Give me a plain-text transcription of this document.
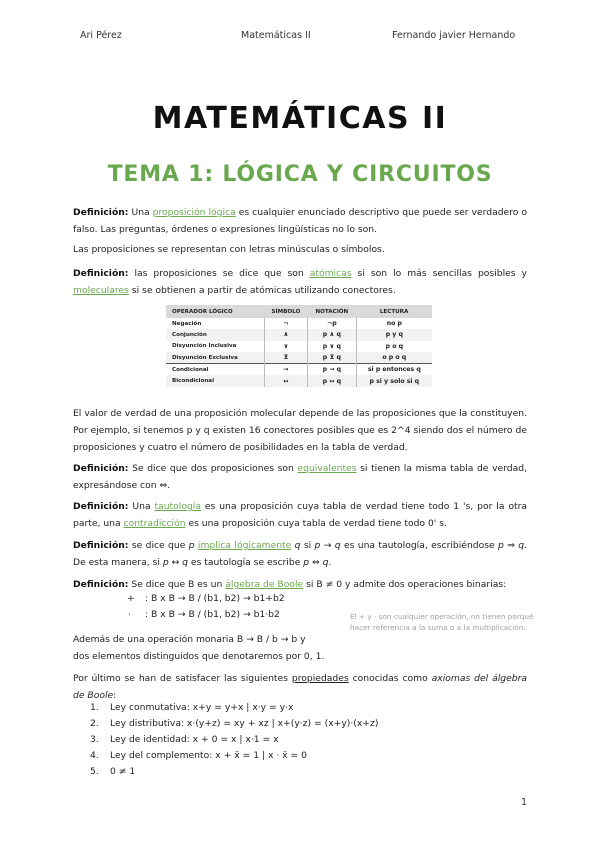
Ari Pérez	Matemáticas II	Fernando javier Hernando
MATEMÁTICAS II
TEMA 1: LÓGICA Y CIRCUITOS
Definición: Una proposición lógica es cualquier enunciado descriptivo que puede ser verdadero o falso. Las preguntas, órdenes o expresiones lingüísticas no lo son.
Las proposiciones se representan con letras minúsculas o símbolos.
Definición: las proposiciones se dice que son atómicas si son lo más sencillas posibles y moleculares si se obtienen a partir de atómicas utilizando conectores.
OPERADOR LÓGICO	SÍMBOLO	NOTACIÓN	LECTURA
Negación	¬	¬p	no p
Conjunción	∧	p ∧ q	p y q
Disyunción Inclusiva	∨	p ∨ q	p o q
Disyunción Exclusiva	⊻	p ⊻ q	o p o q
Condicional	→	p → q	si p entonces q
Bicondicional	↔	p ↔ q	p si y solo si q
El valor de verdad de una proposición molecular depende de las proposiciones que la constituyen. Por ejemplo, si tenemos p y q existen 16 conectores posibles que es 2^4 siendo dos el número de proposiciones y cuatro el número de posibilidades en la tabla de verdad.
Definición: Se dice que dos proposiciones son equivalentes si tienen la misma tabla de verdad, expresándose con ⇔.
Definición: Una tautología es una proposición cuya tabla de verdad tiene todo 1 's, por la otra parte, una contradicción es una proposición cuya tabla de verdad tiene todo 0' s.
Definición: se dice que p implica lógicamente q si p → q es una tautología, escribiéndose p ⇒ q. De esta manera, si p ↔ q es tautología se escribe p ⇔ q.
Definición: Se dice que B es un álgebra de Boole si B ≠ 0 y admite dos operaciones binarias:
+ : B x B → B / (b1, b2) → b1+b2
· : B x B → B / (b1, b2) → b1·b2	El + y · son cualquier operación, no tienen porqué hacer referencia a la suma o a la multiplicación.
Además de una operación monaria B → B / b → b y
dos elementos distinguidos que denotaremos por 0, 1.
Por último se han de satisfacer las siguientes propiedades conocidas como axiomas del álgebra de Boole:
1. Ley conmutativa: x+y = y+x | x·y = y·x
2. Ley distributiva: x·(y+z) = xy + xz | x+(y·z) = (x+y)·(x+z)
3. Ley de identidad: x + 0 = x | x·1 = x
4. Ley del complemento: x + x̄ = 1 | x · x̄ = 0
5. 0 ≠ 1
1
